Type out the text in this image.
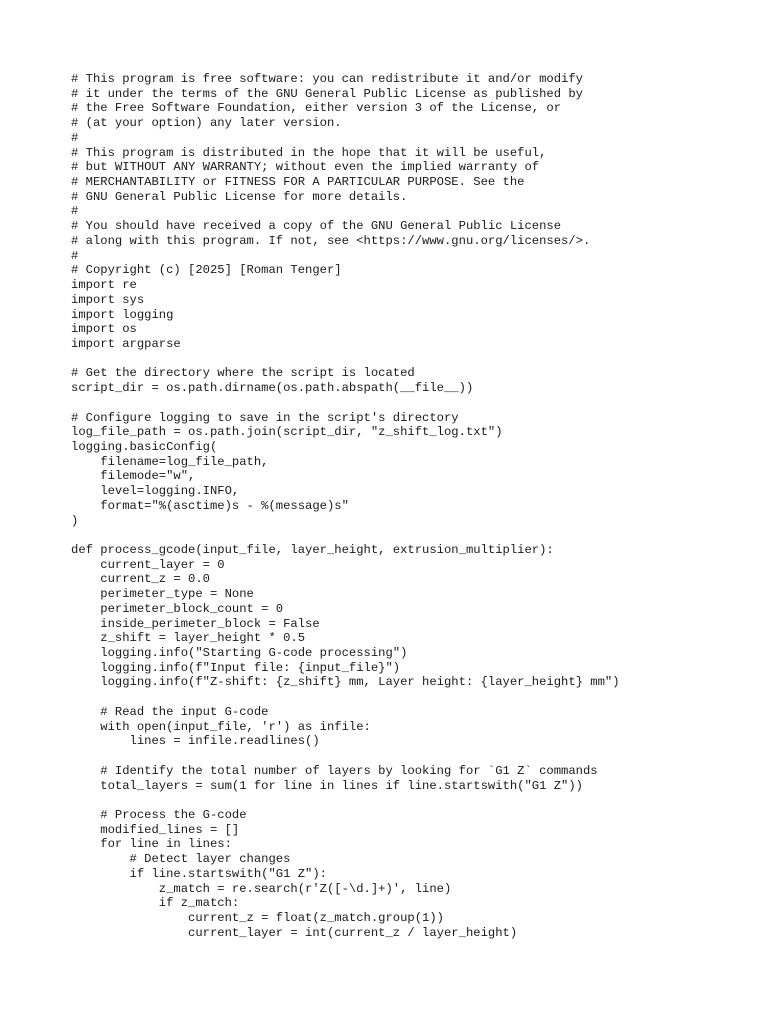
# This program is free software: you can redistribute it and/or modify
# it under the terms of the GNU General Public License as published by
# the Free Software Foundation, either version 3 of the License, or
# (at your option) any later version.
#
# This program is distributed in the hope that it will be useful,
# but WITHOUT ANY WARRANTY; without even the implied warranty of
# MERCHANTABILITY or FITNESS FOR A PARTICULAR PURPOSE. See the
# GNU General Public License for more details.
#
# You should have received a copy of the GNU General Public License
# along with this program. If not, see <https://www.gnu.org/licenses/>.
#
# Copyright (c) [2025] [Roman Tenger]
import re
import sys
import logging
import os
import argparse
# Get the directory where the script is located
script_dir = os.path.dirname(os.path.abspath(__file__))
# Configure logging to save in the script's directory
log_file_path = os.path.join(script_dir, "z_shift_log.txt")
logging.basicConfig(
filename=log_file_path,
filemode="w",
level=logging.INFO,
format="%(asctime)s - %(message)s"
)
def process_gcode(input_file, layer_height, extrusion_multiplier):
current_layer = 0
current_z = 0.0
perimeter_type = None
perimeter_block_count = 0
inside_perimeter_block = False
z_shift = layer_height * 0.5
logging.info("Starting G-code processing")
logging.info(f"Input file: {input_file}")
logging.info(f"Z-shift: {z_shift} mm, Layer height: {layer_height} mm")
# Read the input G-code
with open(input_file, 'r') as infile:
lines = infile.readlines()
# Identify the total number of layers by looking for `G1 Z` commands
total_layers = sum(1 for line in lines if line.startswith("G1 Z"))
# Process the G-code
modified_lines = []
for line in lines:
# Detect layer changes
if line.startswith("G1 Z"):
z_match = re.search(r'Z([-\d.]+)', line)
if z_match:
current_z = float(z_match.group(1))
current_layer = int(current_z / layer_height)
